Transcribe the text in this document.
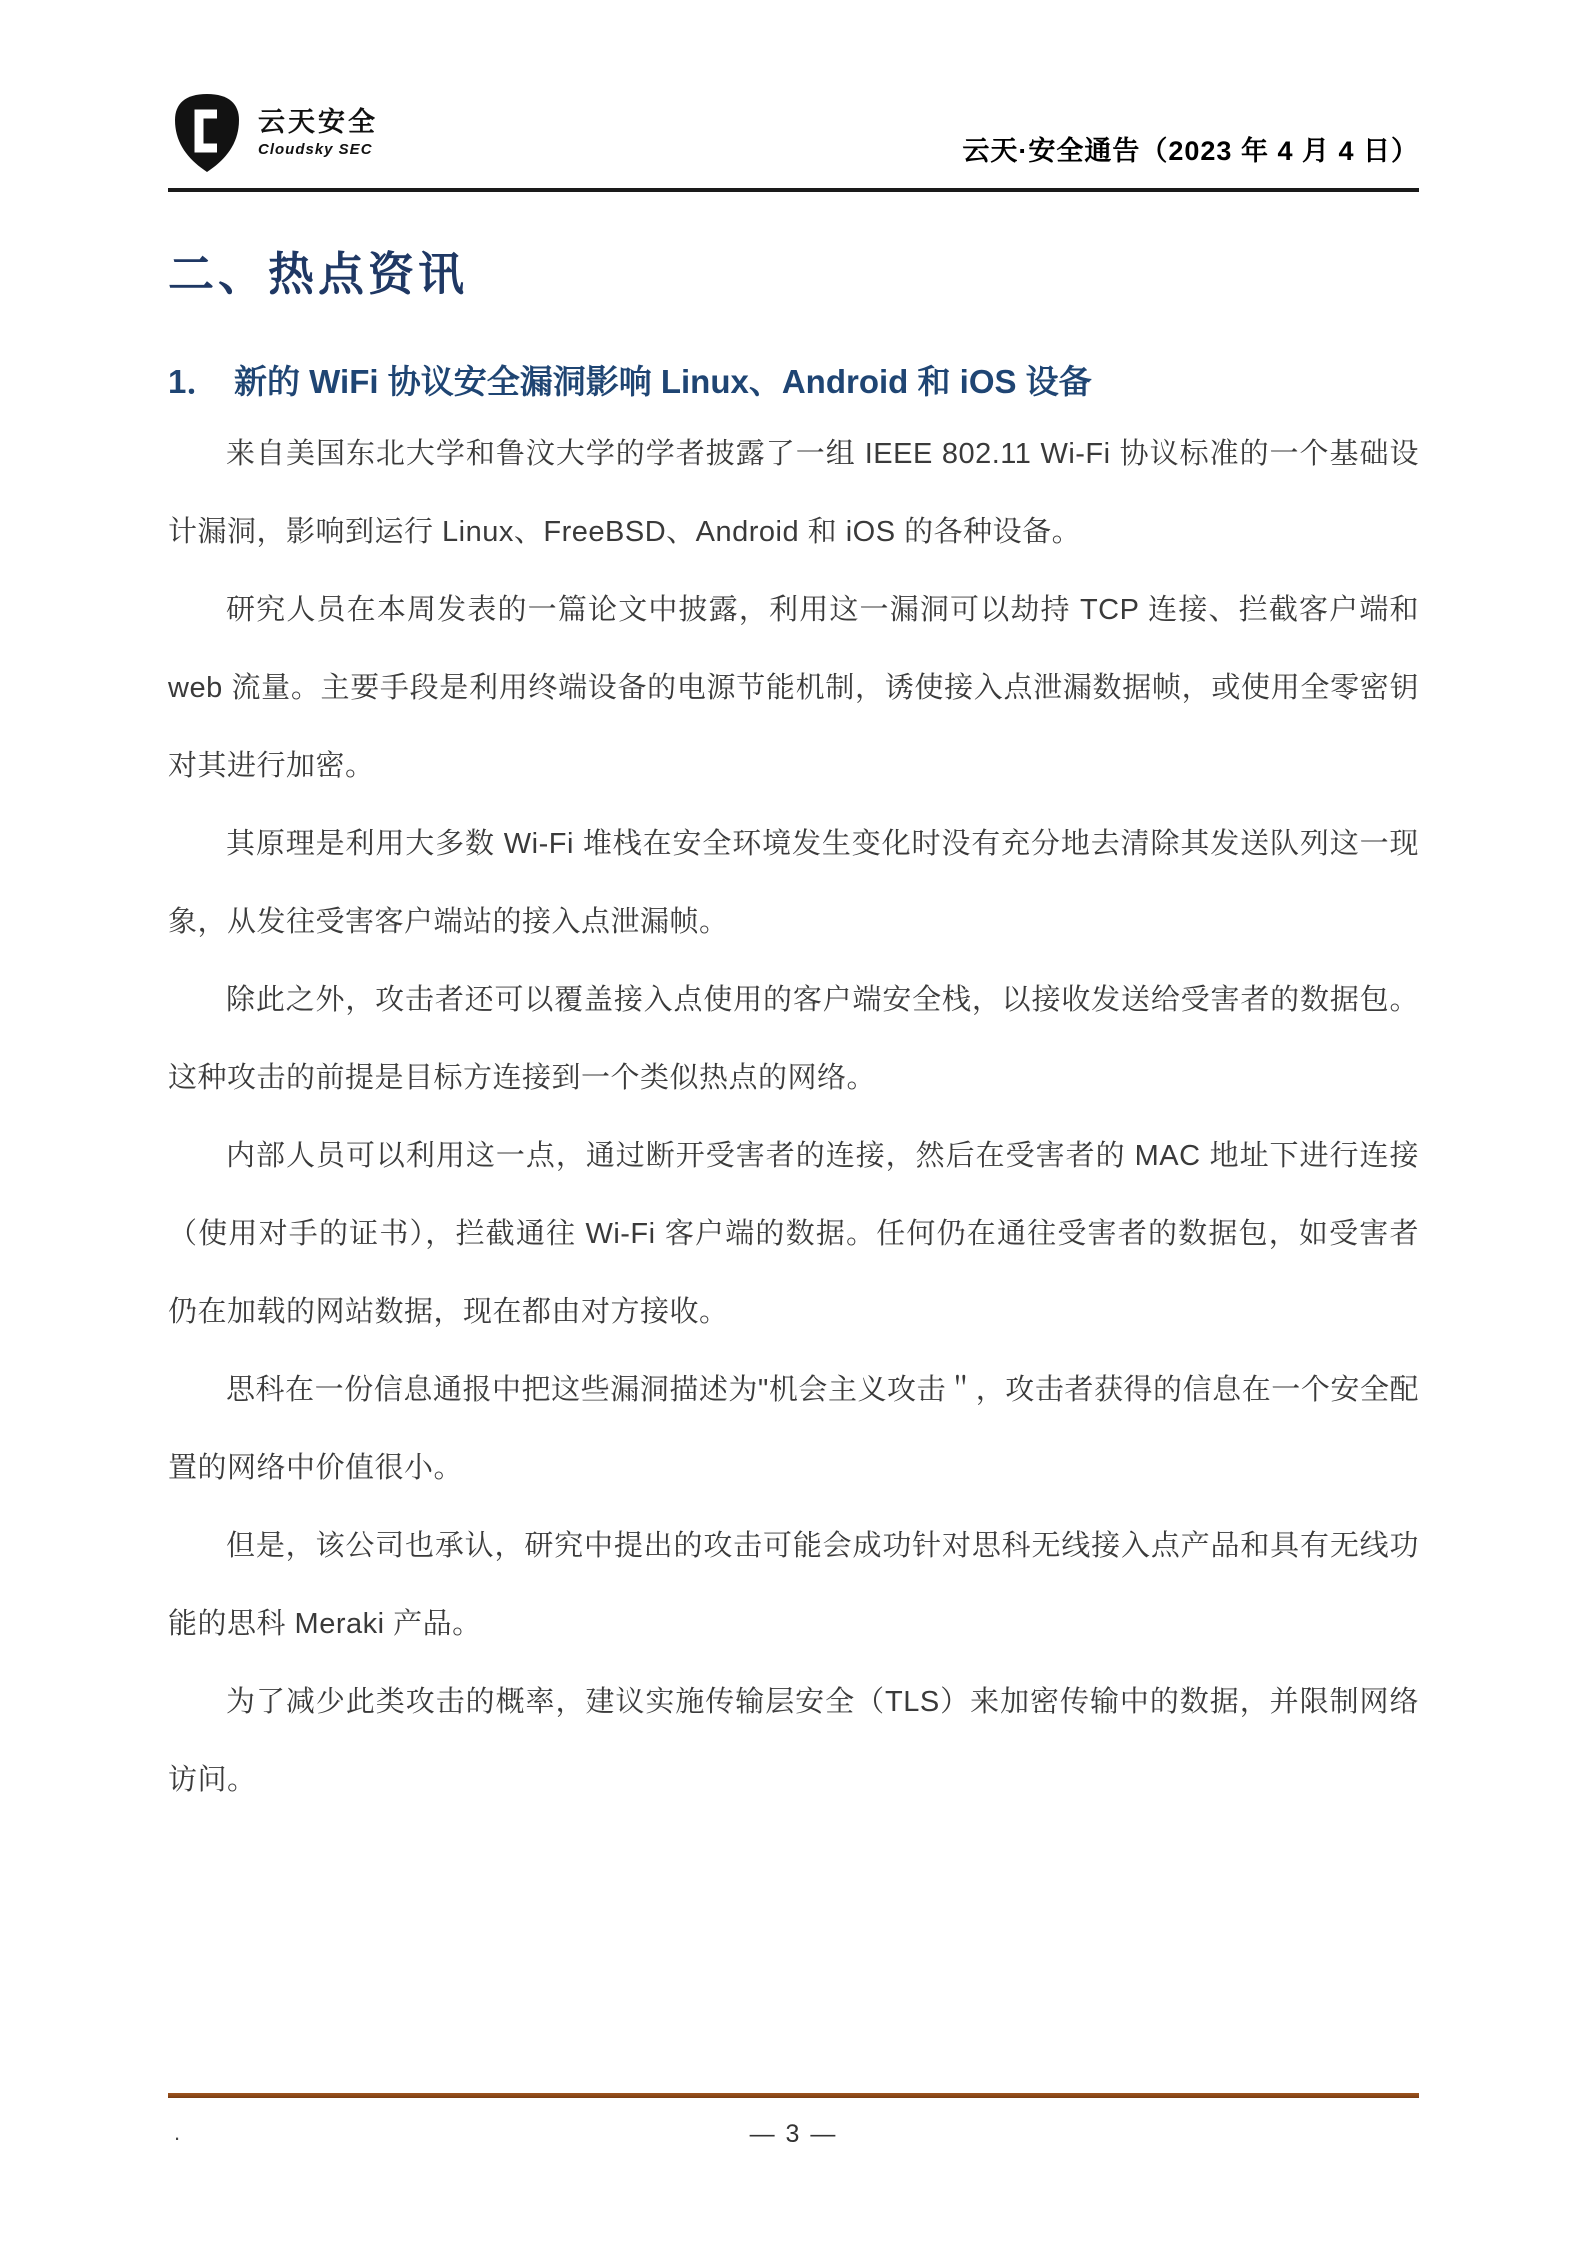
云天安全
Cloudsky SEC	云天·安全通告（2023 年 4 月 4 日）
二、热点资讯
1． 新的 WiFi 协议安全漏洞影响 Linux、Android 和 iOS 设备

来自美国东北大学和鲁汶大学的学者披露了一组 IEEE 802.11 Wi-Fi 协议标准的一个基础设计漏洞，影响到运行 Linux、FreeBSD、Android 和 iOS 的各种设备。

研究人员在本周发表的一篇论文中披露，利用这一漏洞可以劫持 TCP 连接、拦截客户端和 web 流量。主要手段是利用终端设备的电源节能机制，诱使接入点泄漏数据帧，或使用全零密钥对其进行加密。

其原理是利用大多数 Wi-Fi 堆栈在安全环境发生变化时没有充分地去清除其发送队列这一现象，从发往受害客户端站的接入点泄漏帧。

除此之外，攻击者还可以覆盖接入点使用的客户端安全栈，以接收发送给受害者的数据包。这种攻击的前提是目标方连接到一个类似热点的网络。

内部人员可以利用这一点，通过断开受害者的连接，然后在受害者的 MAC 地址下进行连接（使用对手的证书），拦截通往 Wi-Fi 客户端的数据。任何仍在通往受害者的数据包，如受害者仍在加载的网站数据，现在都由对方接收。

思科在一份信息通报中把这些漏洞描述为"机会主义攻击＂，攻击者获得的信息在一个安全配置的网络中价值很小。

但是，该公司也承认，研究中提出的攻击可能会成功针对思科无线接入点产品和具有无线功能的思科 Meraki 产品。

为了减少此类攻击的概率，建议实施传输层安全（TLS）来加密传输中的数据，并限制网络访问。

.	— 3 —
